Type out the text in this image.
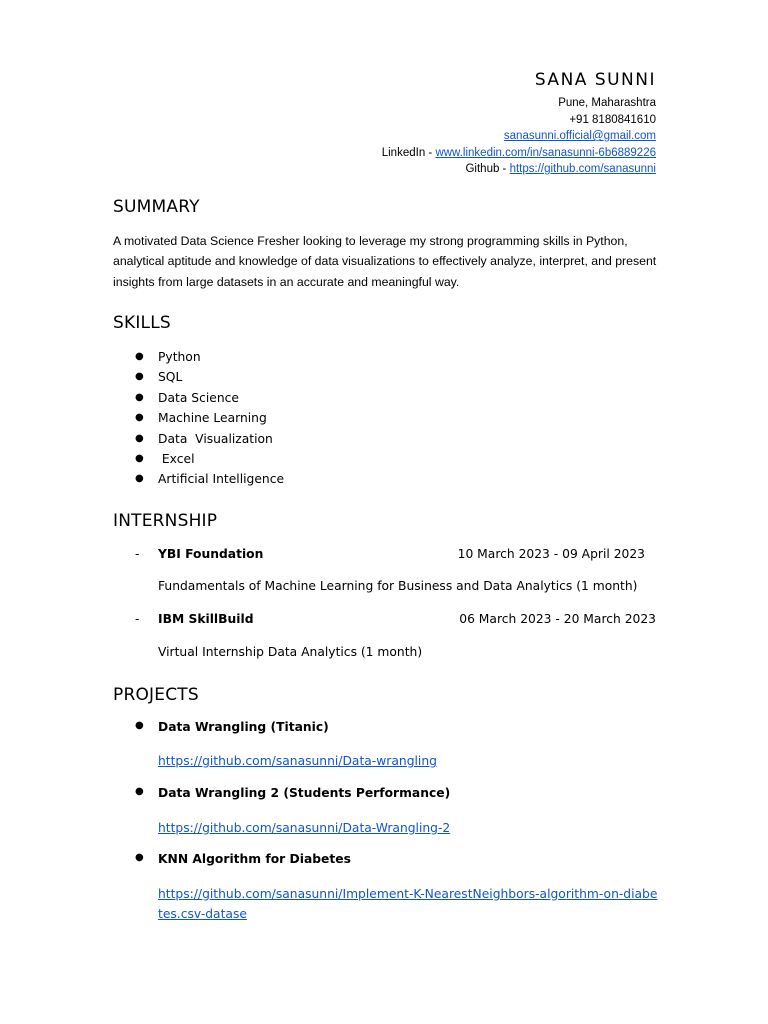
SANA SUNNI
Pune, Maharashtra
+91 8180841610
sanasunni.official@gmail.com
LinkedIn - www.linkedin.com/in/sanasunni-6b6889226
Github - https://github.com/sanasunni
SUMMARY
A motivated Data Science Fresher looking to leverage my strong programming skills in Python, analytical aptitude and knowledge of data visualizations to effectively analyze, interpret, and present insights from large datasets in an accurate and meaningful way.
SKILLS
● Python
● SQL
● Data Science
● Machine Learning
● Data  Visualization
● Excel
● Artificial Intelligence
INTERNSHIP
- YBI Foundation	10 March 2023 - 09 April 2023
Fundamentals of Machine Learning for Business and Data Analytics (1 month)
- IBM SkillBuild	06 March 2023 - 20 March 2023
Virtual Internship Data Analytics (1 month)
PROJECTS
● Data Wrangling (Titanic)
https://github.com/sanasunni/Data-wrangling
● Data Wrangling 2 (Students Performance)
https://github.com/sanasunni/Data-Wrangling-2
● KNN Algorithm for Diabetes
https://github.com/sanasunni/Implement-K-NearestNeighbors-algorithm-on-diabetes.csv-datase
